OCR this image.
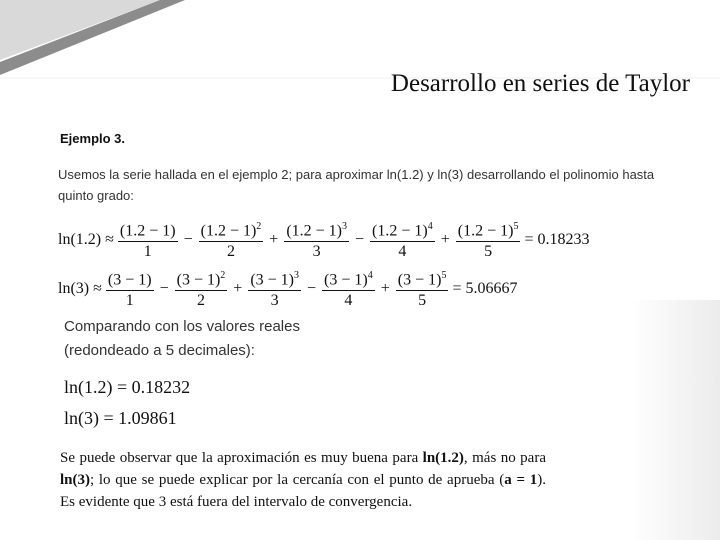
Desarrollo en series de Taylor
Ejemplo 3.
Usemos la serie hallada en el ejemplo 2; para aproximar ln(1.2) y ln(3) desarrollando el polinomio hasta quinto grado:
$\ln(1.2) \approx \frac{(1.2 - 1)}{1} - \frac{(1.2 - 1)^2}{2} + \frac{(1.2 - 1)^3}{3} - \frac{(1.2 - 1)^4}{4} + \frac{(1.2 - 1)^5}{5} = 0.18233$
$\ln(3) \approx \frac{(3 - 1)}{1} - \frac{(3 - 1)^2}{2} + \frac{(3 - 1)^3}{3} - \frac{(3 - 1)^4}{4} + \frac{(3 - 1)^5}{5} = 5.06667$
Comparando con los valores reales
(redondeado a 5 decimales):
ln(1.2) = 0.18232
ln(3) = 1.09861
Se puede observar que la aproximación es muy buena para ln(1.2), más no para ln(3); lo que se puede explicar por la cercanía con el punto de aprueba (a = 1). Es evidente que 3 está fuera del intervalo de convergencia.
